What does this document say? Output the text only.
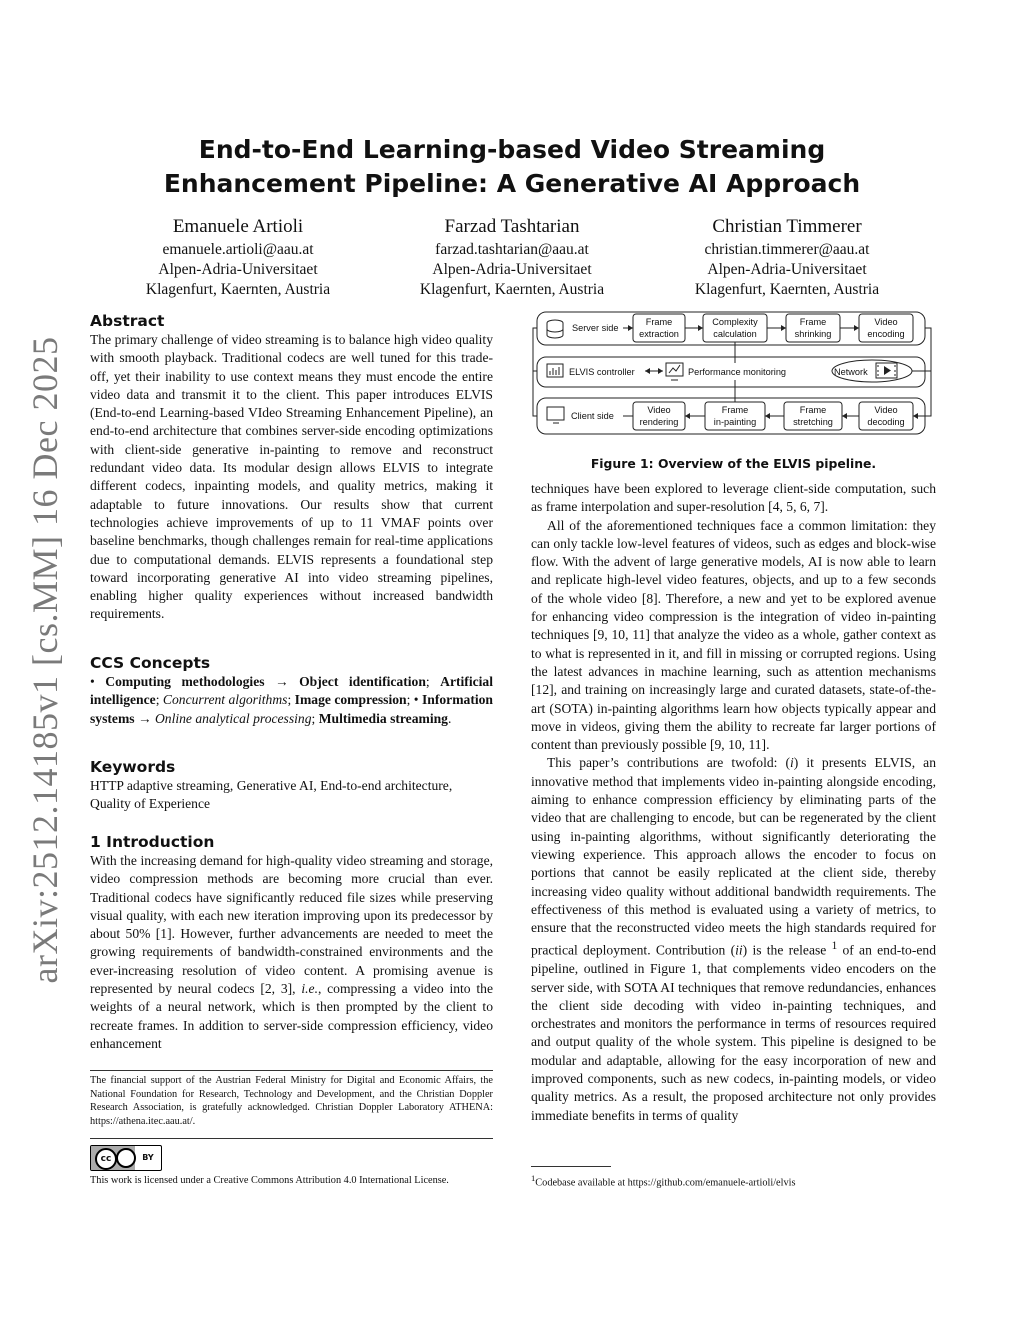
arXiv:2512.14185v1 [cs.MM] 16 Dec 2025
End-to-End Learning-based Video Streaming Enhancement Pipeline: A Generative AI Approach
Emanuele Artioli
emanuele.artioli@aau.at
Alpen-Adria-Universitaet
Klagenfurt, Kaernten, Austria
Farzad Tashtarian
farzad.tashtarian@aau.at
Alpen-Adria-Universitaet
Klagenfurt, Kaernten, Austria
Christian Timmerer
christian.timmerer@aau.at
Alpen-Adria-Universitaet
Klagenfurt, Kaernten, Austria
Abstract

The primary challenge of video streaming is to balance high video quality with smooth playback. Traditional codecs are well tuned for this trade-off, yet their inability to use context means they must encode the entire video data and transmit it to the client. This paper introduces ELVIS (End-to-end Learning-based VIdeo Streaming Enhancement Pipeline), an end-to-end architecture that combines server-side encoding optimizations with client-side generative in-painting to remove and reconstruct redundant video data. Its modular design allows ELVIS to integrate different codecs, inpainting models, and quality metrics, making it adaptable to future innovations. Our results show that current technologies achieve improvements of up to 11 VMAF points over baseline benchmarks, though challenges remain for real-time applications due to computational demands. ELVIS represents a foundational step toward incorporating generative AI into video streaming pipelines, enabling higher quality experiences without increased bandwidth requirements.

CCS Concepts
• Computing methodologies → Object identification; Artificial intelligence; Concurrent algorithms; Image compression; • Information systems → Online analytical processing; Multimedia streaming.
Keywords
HTTP adaptive streaming, Generative AI, End-to-end architecture, Quality of Experience
1 Introduction
With the increasing demand for high-quality video streaming and storage, video compression methods are becoming more crucial than ever. Traditional codecs have significantly reduced file sizes while preserving visual quality, with each new iteration improving upon its predecessor by about 50% [1]. However, further advancements are needed to meet the growing requirements of bandwidth-constrained environments and the ever-increasing resolution of video content. A promising avenue is represented by neural codecs [2, 3], i.e., compressing a video into the weights of a neural network, which is then prompted by the client to recreate frames. In addition to server-side compression efficiency, video enhancement
The financial support of the Austrian Federal Ministry for Digital and Economic Affairs, the National Foundation for Research, Technology and Development, and the Christian Doppler Research Association, is gratefully acknowledged. Christian Doppler Laboratory ATHENA: https://athena.itec.aau.at/.
cc	BY
This work is licensed under a Creative Commons Attribution 4.0 International License.
Server side
Frame
extraction
Complexity
calculation
Frame
shrinking
Video
encoding
ELVIS controller	Performance monitoring	Network
Client side
Video
rendering
Frame
in-painting
Frame
stretching
Video
decoding
Figure 1: Overview of the ELVIS pipeline.

techniques have been explored to leverage client-side computation, such as frame interpolation and super-resolution [4, 5, 6, 7].

All of the aforementioned techniques face a common limitation: they can only tackle low-level features of videos, such as edges and block-wise flow. With the advent of large generative models, AI is now able to learn and replicate high-level video features, objects, and up to a few seconds of the whole video [8]. Therefore, a new and yet to be explored avenue for enhancing video compression is the integration of video in-painting techniques [9, 10, 11] that analyze the video as a whole, gather context as to what is represented in it, and fill in missing or corrupted regions. Using the latest advances in machine learning, such as attention mechanisms [12], and training on increasingly large and curated datasets, state-of-the-art (SOTA) in-painting algorithms learn how objects typically appear and move in videos, giving them the ability to recreate far larger portions of content than previously possible [9, 10, 11].

This paper’s contributions are twofold: (i) it presents ELVIS, an innovative method that implements video in-painting alongside encoding, aiming to enhance compression efficiency by eliminating parts of the video that are challenging to encode, but can be regenerated by the client using in-painting algorithms, without significantly deteriorating the viewing experience. This approach allows the encoder to focus on portions that cannot be easily replicated at the client side, thereby increasing video quality without additional bandwidth requirements. The effectiveness of this method is evaluated using a variety of metrics, to ensure that the reconstructed video meets the high standards required for practical deployment. Contribution (ii) is the release $^1$ of an end-to-end pipeline, outlined in Figure 1, that complements video encoders on the server side, with SOTA AI techniques that remove redundancies, enhances the client side decoding with video in-painting techniques, and orchestrates and monitors the performance in terms of resources required and output quality of the whole system. This pipeline is designed to be modular and adaptable, allowing for the easy incorporation of new and improved components, such as new codecs, in-painting models, or video quality metrics. As a result, the proposed architecture not only provides immediate benefits in terms of quality

$^1$Codebase available at https://github.com/emanuele-artioli/elvis
